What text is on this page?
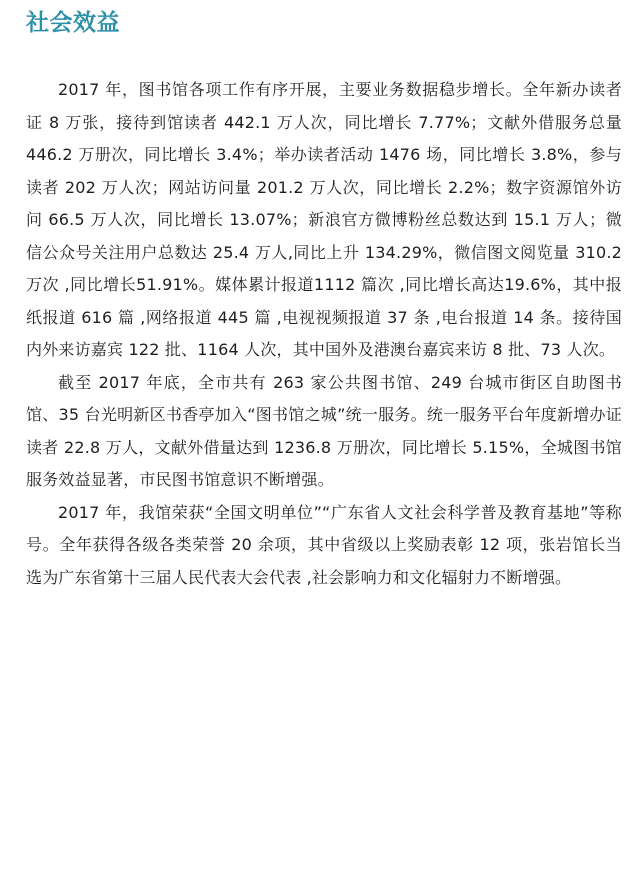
社会效益

2017 年，图书馆各项工作有序开展，主要业务数据稳步增长。全年新办读者证 8 万张，接待到馆读者 442.1 万人次，同比增长 7.77%；文献外借服务总量 446.2 万册次，同比增长 3.4%；举办读者活动 1476 场，同比增长 3.8%，参与读者 202 万人次；网站访问量 201.2 万人次，同比增长 2.2%；数字资源馆外访问 66.5 万人次，同比增长 13.07%；新浪官方微博粉丝总数达到 15.1 万人；微信公众号关注用户总数达 25.4 万人,同比上升 134.29%，微信图文阅览量 310.2万次 ,同比增长51.91%。媒体累计报道1112 篇次 ,同比增长高达19.6%，其中报纸报道 616 篇 ,网络报道 445 篇 ,电视视频报道 37 条 ,电台报道 14 条。接待国内外来访嘉宾 122 批、1164 人次，其中国外及港澳台嘉宾来访 8 批、73 人次。

截至 2017 年底，全市共有 263 家公共图书馆、249 台城市街区自助图书馆、35 台光明新区书香亭加入“图书馆之城”统一服务。统一服务平台年度新增办证读者 22.8 万人，文献外借量达到 1236.8 万册次，同比增长 5.15%，全城图书馆服务效益显著，市民图书馆意识不断增强。

2017 年，我馆荣获“全国文明单位”“广东省人文社会科学普及教育基地”等称号。全年获得各级各类荣誉 20 余项，其中省级以上奖励表彰 12 项，张岩馆长当选为广东省第十三届人民代表大会代表 ,社会影响力和文化辐射力不断增强。
